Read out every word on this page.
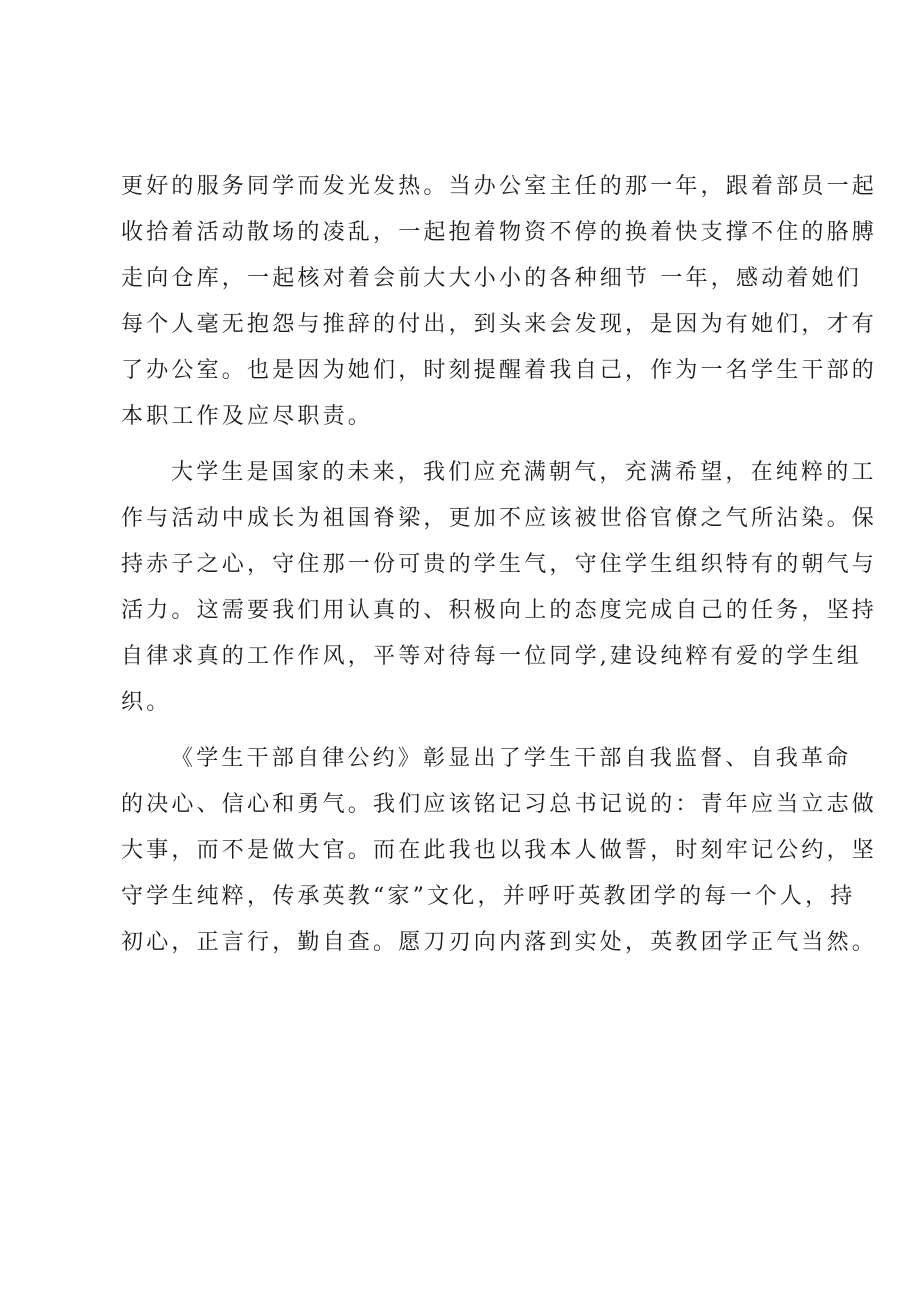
更好的服务同学而发光发热。当办公室主任的那一年，跟着部员一起
收拾着活动散场的凌乱，一起抱着物资不停的换着快支撑不住的胳膊
走向仓库，一起核对着会前大大小小的各种细节 一年，感动着她们
每个人毫无抱怨与推辞的付出，到头来会发现，是因为有她们，才有
了办公室。也是因为她们，时刻提醒着我自己，作为一名学生干部的
本职工作及应尽职责。
大学生是国家的未来，我们应充满朝气，充满希望，在纯粹的工
作与活动中成长为祖国脊梁，更加不应该被世俗官僚之气所沾染。保
持赤子之心，守住那一份可贵的学生气，守住学生组织特有的朝气与
活力。这需要我们用认真的、积极向上的态度完成自己的任务，坚持
自律求真的工作作风，平等对待每一位同学,建设纯粹有爱的学生组
织。
《学生干部自律公约》彰显出了学生干部自我监督、自我革命
的决心、信心和勇气。我们应该铭记习总书记说的：青年应当立志做
大事，而不是做大官。而在此我也以我本人做誓，时刻牢记公约，坚
守学生纯粹，传承英教“家”文化，并呼吁英教团学的每一个人，持
初心，正言行，勤自查。愿刀刃向内落到实处，英教团学正气当然。
